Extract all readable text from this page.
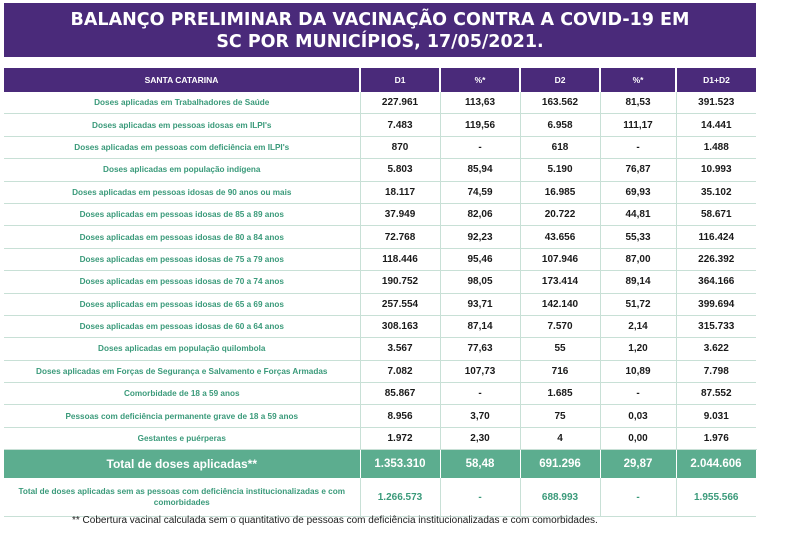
BALANÇO PRELIMINAR DA VACINAÇÃO CONTRA A COVID-19 EM
SC POR MUNICÍPIOS, 17/05/2021.
SANTA CATARINA	D1	%*	D2	%*	D1+D2
Doses aplicadas em Trabalhadores de Saúde	227.961	113,63	163.562	81,53	391.523
Doses aplicadas em pessoas idosas em ILPI's	7.483	119,56	6.958	111,17	14.441
Doses aplicadas em pessoas com deficiência em ILPI's	870	-	618	-	1.488
Doses aplicadas em população indígena	5.803	85,94	5.190	76,87	10.993
Doses aplicadas em pessoas idosas de 90 anos ou mais	18.117	74,59	16.985	69,93	35.102
Doses aplicadas em pessoas idosas de 85 a 89 anos	37.949	82,06	20.722	44,81	58.671
Doses aplicadas em pessoas idosas de 80 a 84 anos	72.768	92,23	43.656	55,33	116.424
Doses aplicadas em pessoas idosas de 75 a 79 anos	118.446	95,46	107.946	87,00	226.392
Doses aplicadas em pessoas idosas de 70 a 74 anos	190.752	98,05	173.414	89,14	364.166
Doses aplicadas em pessoas idosas de 65 a 69 anos	257.554	93,71	142.140	51,72	399.694
Doses aplicadas em pessoas idosas de 60 a 64 anos	308.163	87,14	7.570	2,14	315.733
Doses aplicadas em população quilombola	3.567	77,63	55	1,20	3.622
Doses aplicadas em Forças de Segurança e Salvamento e Forças Armadas	7.082	107,73	716	10,89	7.798
Comorbidade de 18 a 59 anos	85.867	-	1.685	-	87.552
Pessoas com deficiência permanente grave de 18 a 59 anos	8.956	3,70	75	0,03	9.031
Gestantes e puérperas	1.972	2,30	4	0,00	1.976
Total de doses aplicadas**	1.353.310	58,48	691.296	29,87	2.044.606
Total de doses aplicadas sem as pessoas com deficiência institucionalizadas e com comorbidades	1.266.573	-	688.993	-	1.955.566
** Cobertura vacinal calculada sem o quantitativo de pessoas com deficiência institucionalizadas e com comorbidades.
